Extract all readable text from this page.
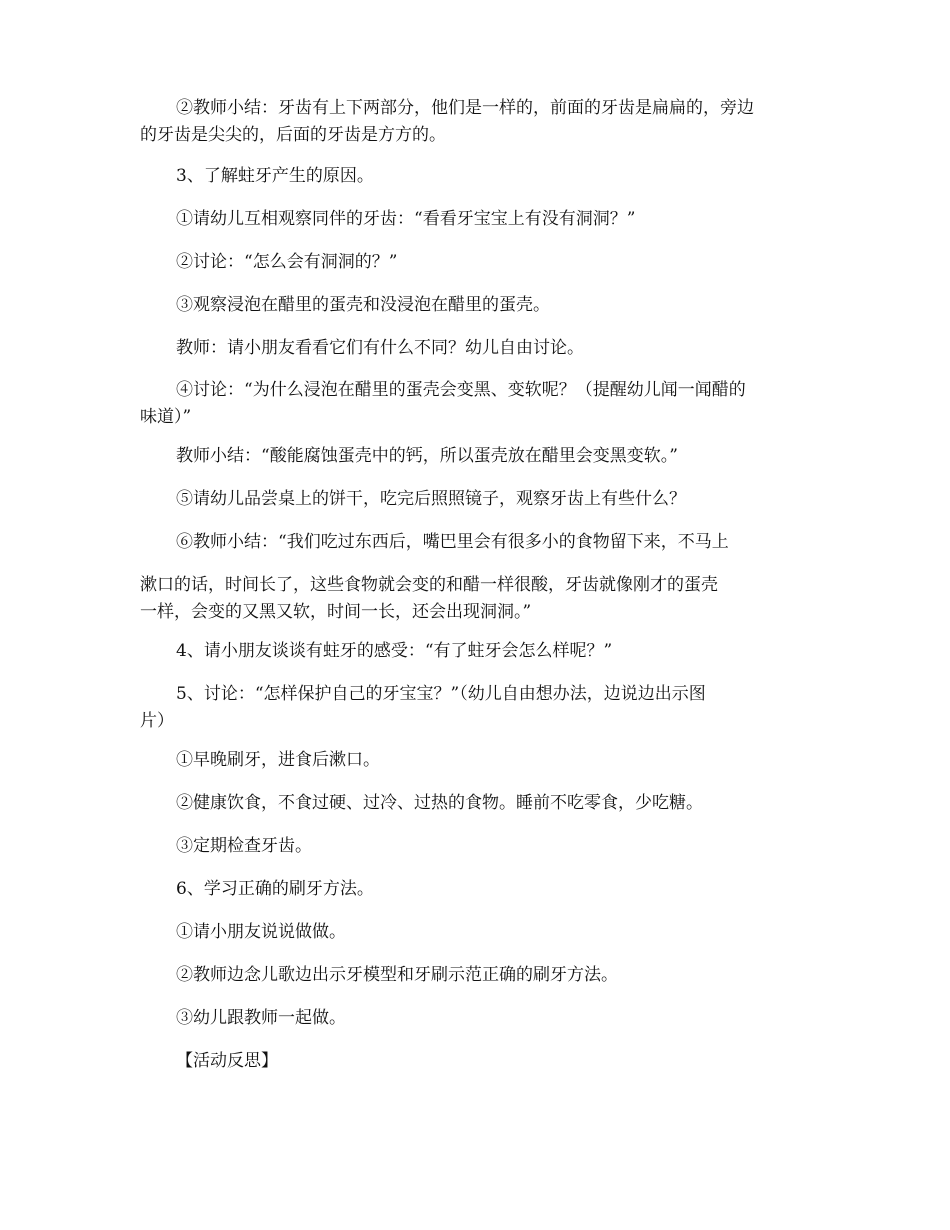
②教师小结：牙齿有上下两部分，他们是一样的，前面的牙齿是扁扁的，旁边
的牙齿是尖尖的，后面的牙齿是方方的。
3、了解蛀牙产生的原因。
①请幼儿互相观察同伴的牙齿：“看看牙宝宝上有没有洞洞？”
②讨论：“怎么会有洞洞的？”
③观察浸泡在醋里的蛋壳和没浸泡在醋里的蛋壳。
教师：请小朋友看看它们有什么不同？幼儿自由讨论。
④讨论：“为什么浸泡在醋里的蛋壳会变黑、变软呢？（提醒幼儿闻一闻醋的
味道）”
教师小结：“酸能腐蚀蛋壳中的钙，所以蛋壳放在醋里会变黑变软。”
⑤请幼儿品尝桌上的饼干，吃完后照照镜子，观察牙齿上有些什么？
⑥教师小结：“我们吃过东西后，嘴巴里会有很多小的食物留下来，不马上
漱口的话，时间长了，这些食物就会变的和醋一样很酸，牙齿就像刚才的蛋壳
一样，会变的又黑又软，时间一长，还会出现洞洞。”
4、请小朋友谈谈有蛀牙的感受：“有了蛀牙会怎么样呢？”
5、讨论：“怎样保护自己的牙宝宝？”（幼儿自由想办法，边说边出示图
片）
①早晚刷牙，进食后漱口。
②健康饮食，不食过硬、过冷、过热的食物。睡前不吃零食，少吃糖。
③定期检查牙齿。
6、学习正确的刷牙方法。
①请小朋友说说做做。
②教师边念儿歌边出示牙模型和牙刷示范正确的刷牙方法。
③幼儿跟教师一起做。
【活动反思】
